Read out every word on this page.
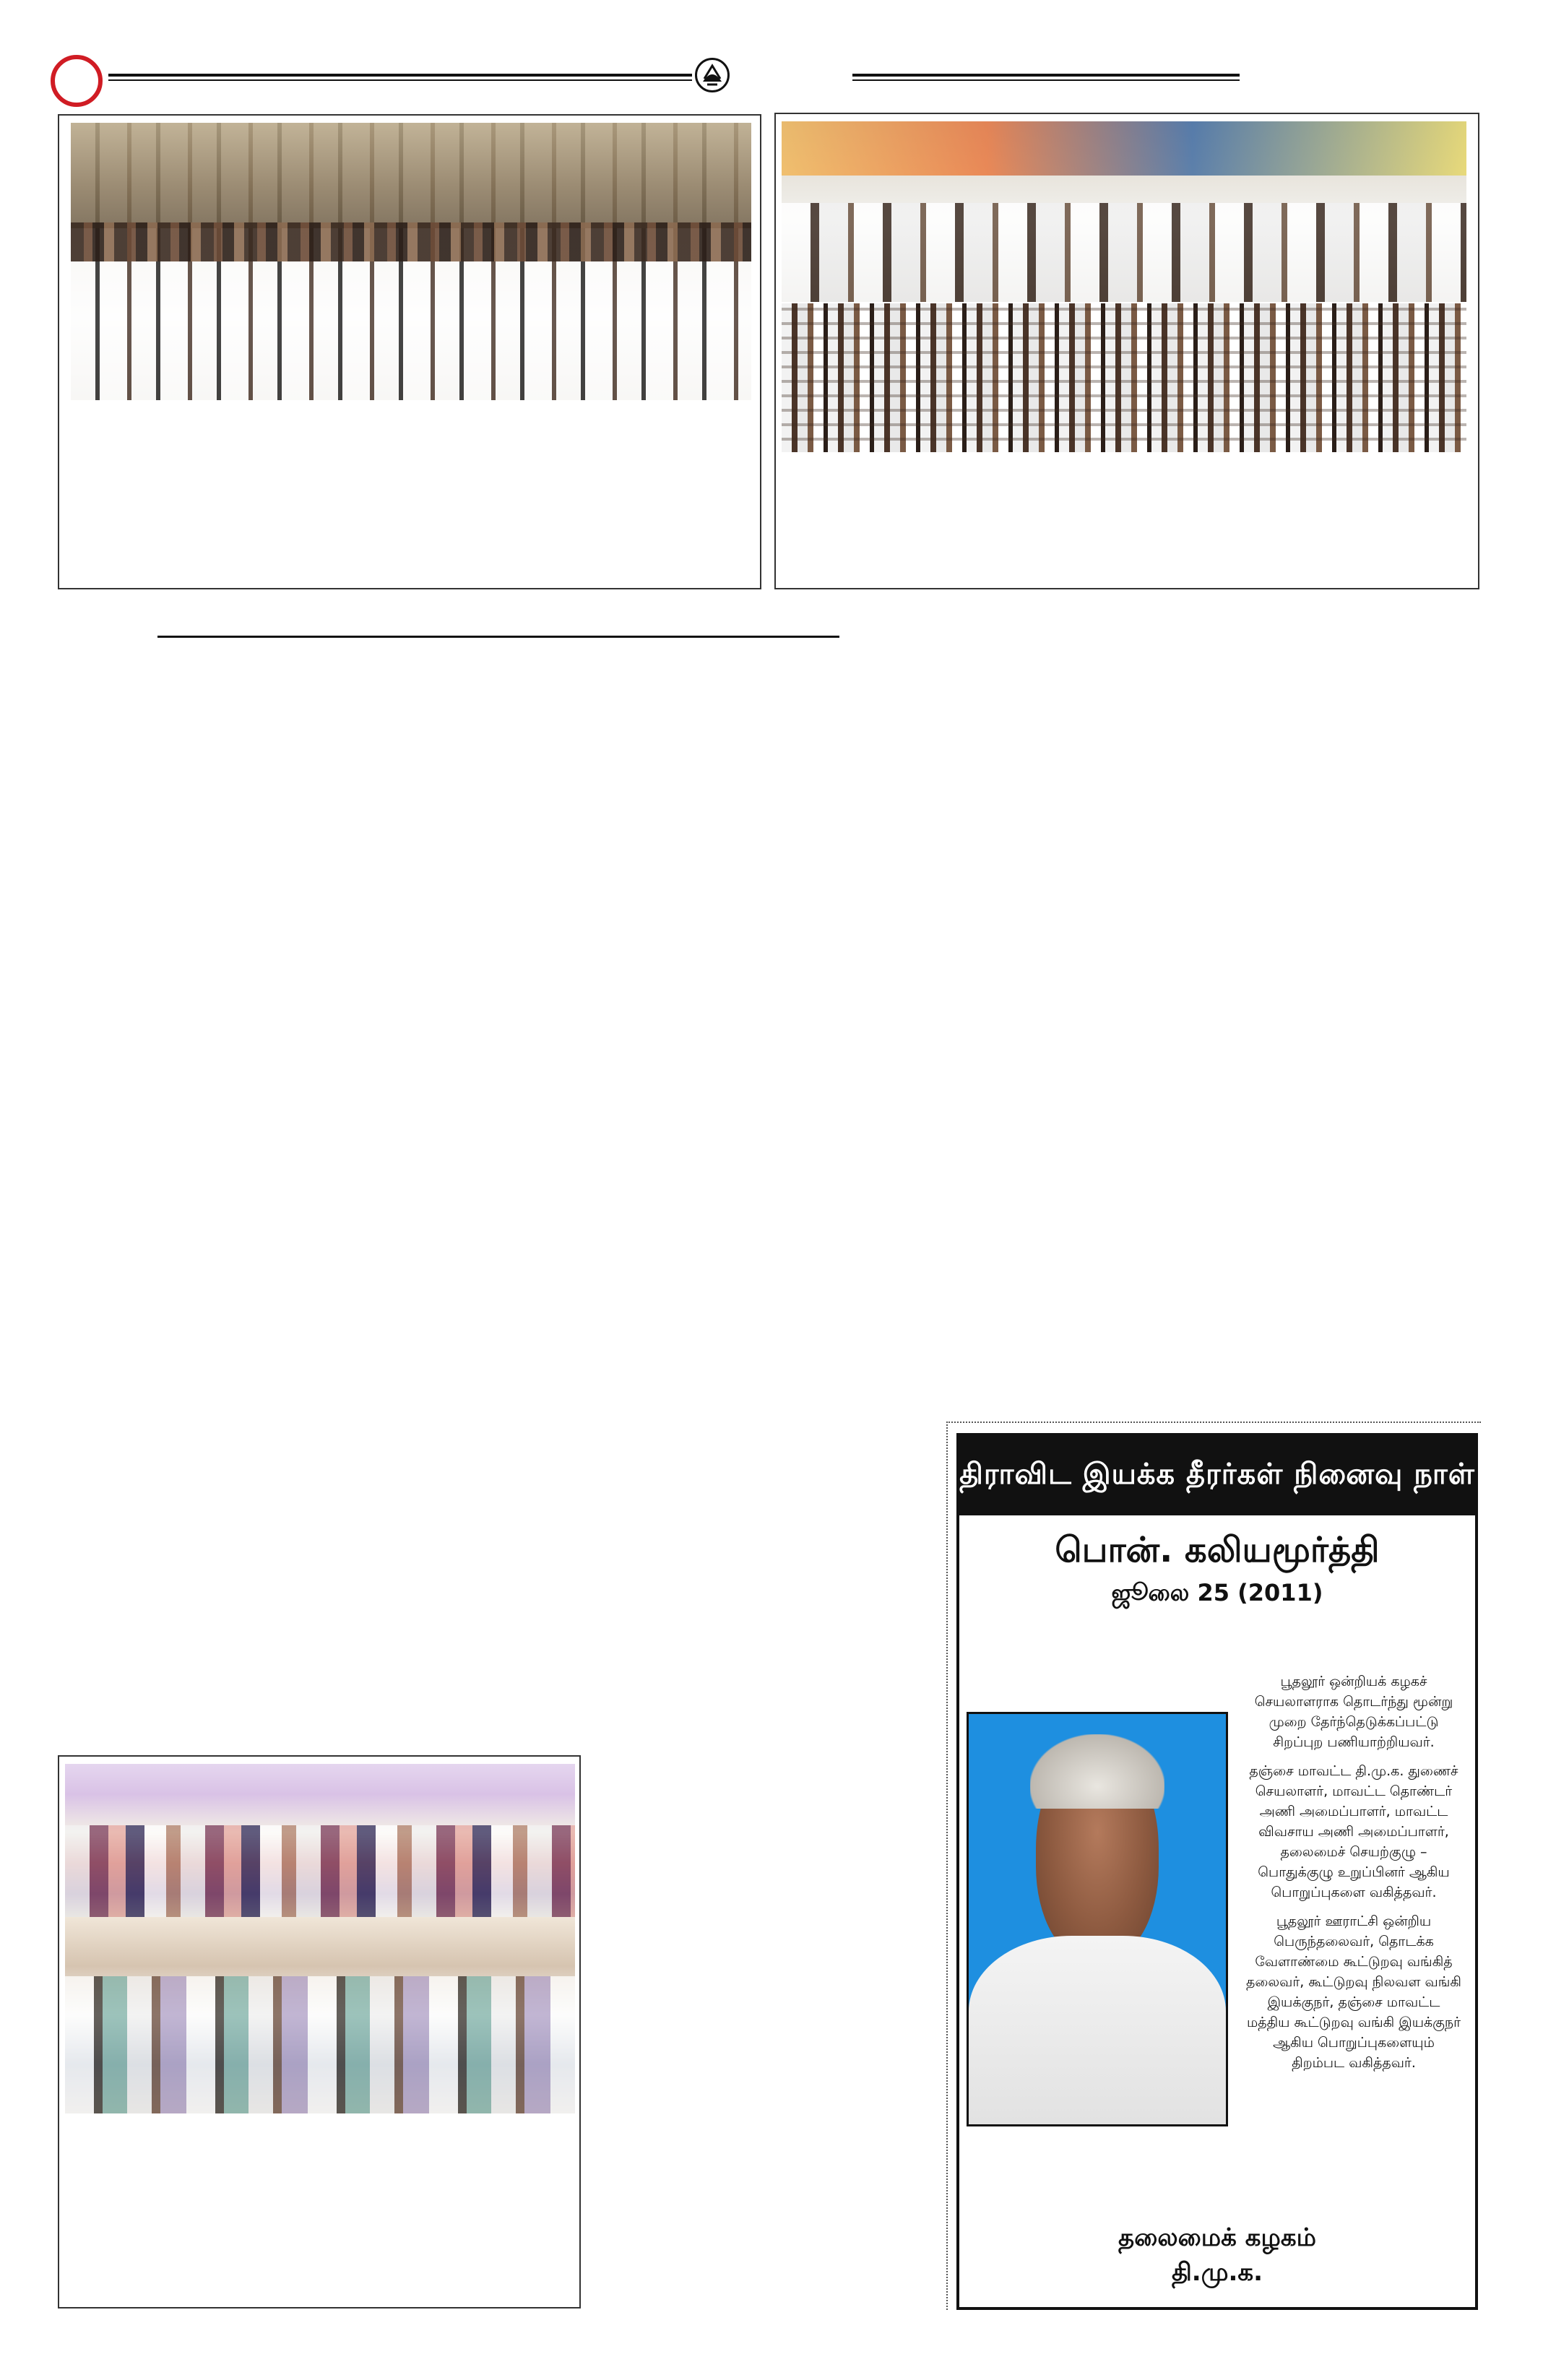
திராவிட இயக்க தீரர்கள் நினைவு நாள்
பொன். கலியமூர்த்தி
ஜூலை 25 (2011)

பூதலூர் ஒன்றியக் கழகச் செயலாளராக தொடர்ந்து மூன்று முறை தேர்ந்தெடுக்கப்பட்டு சிறப்புற பணியாற்றியவர்.

தஞ்சை மாவட்ட தி.மு.க. துணைச் செயலாளர், மாவட்ட தொண்டர் அணி அமைப்பாளர், மாவட்ட விவசாய அணி அமைப்பாளர், தலைமைச் செயற்குழு – பொதுக்குழு உறுப்பினர் ஆகிய பொறுப்புகளை வகித்தவர்.

பூதலூர் ஊராட்சி ஒன்றிய பெருந்தலைவர், தொடக்க வேளாண்மை கூட்டுறவு வங்கித் தலைவர், கூட்டுறவு நிலவள வங்கி இயக்குநர், தஞ்சை மாவட்ட மத்திய கூட்டுறவு வங்கி இயக்குநர் ஆகிய பொறுப்புகளையும் திறம்பட வகித்தவர்.

தலைமைக் கழகம்
தி.மு.க.
